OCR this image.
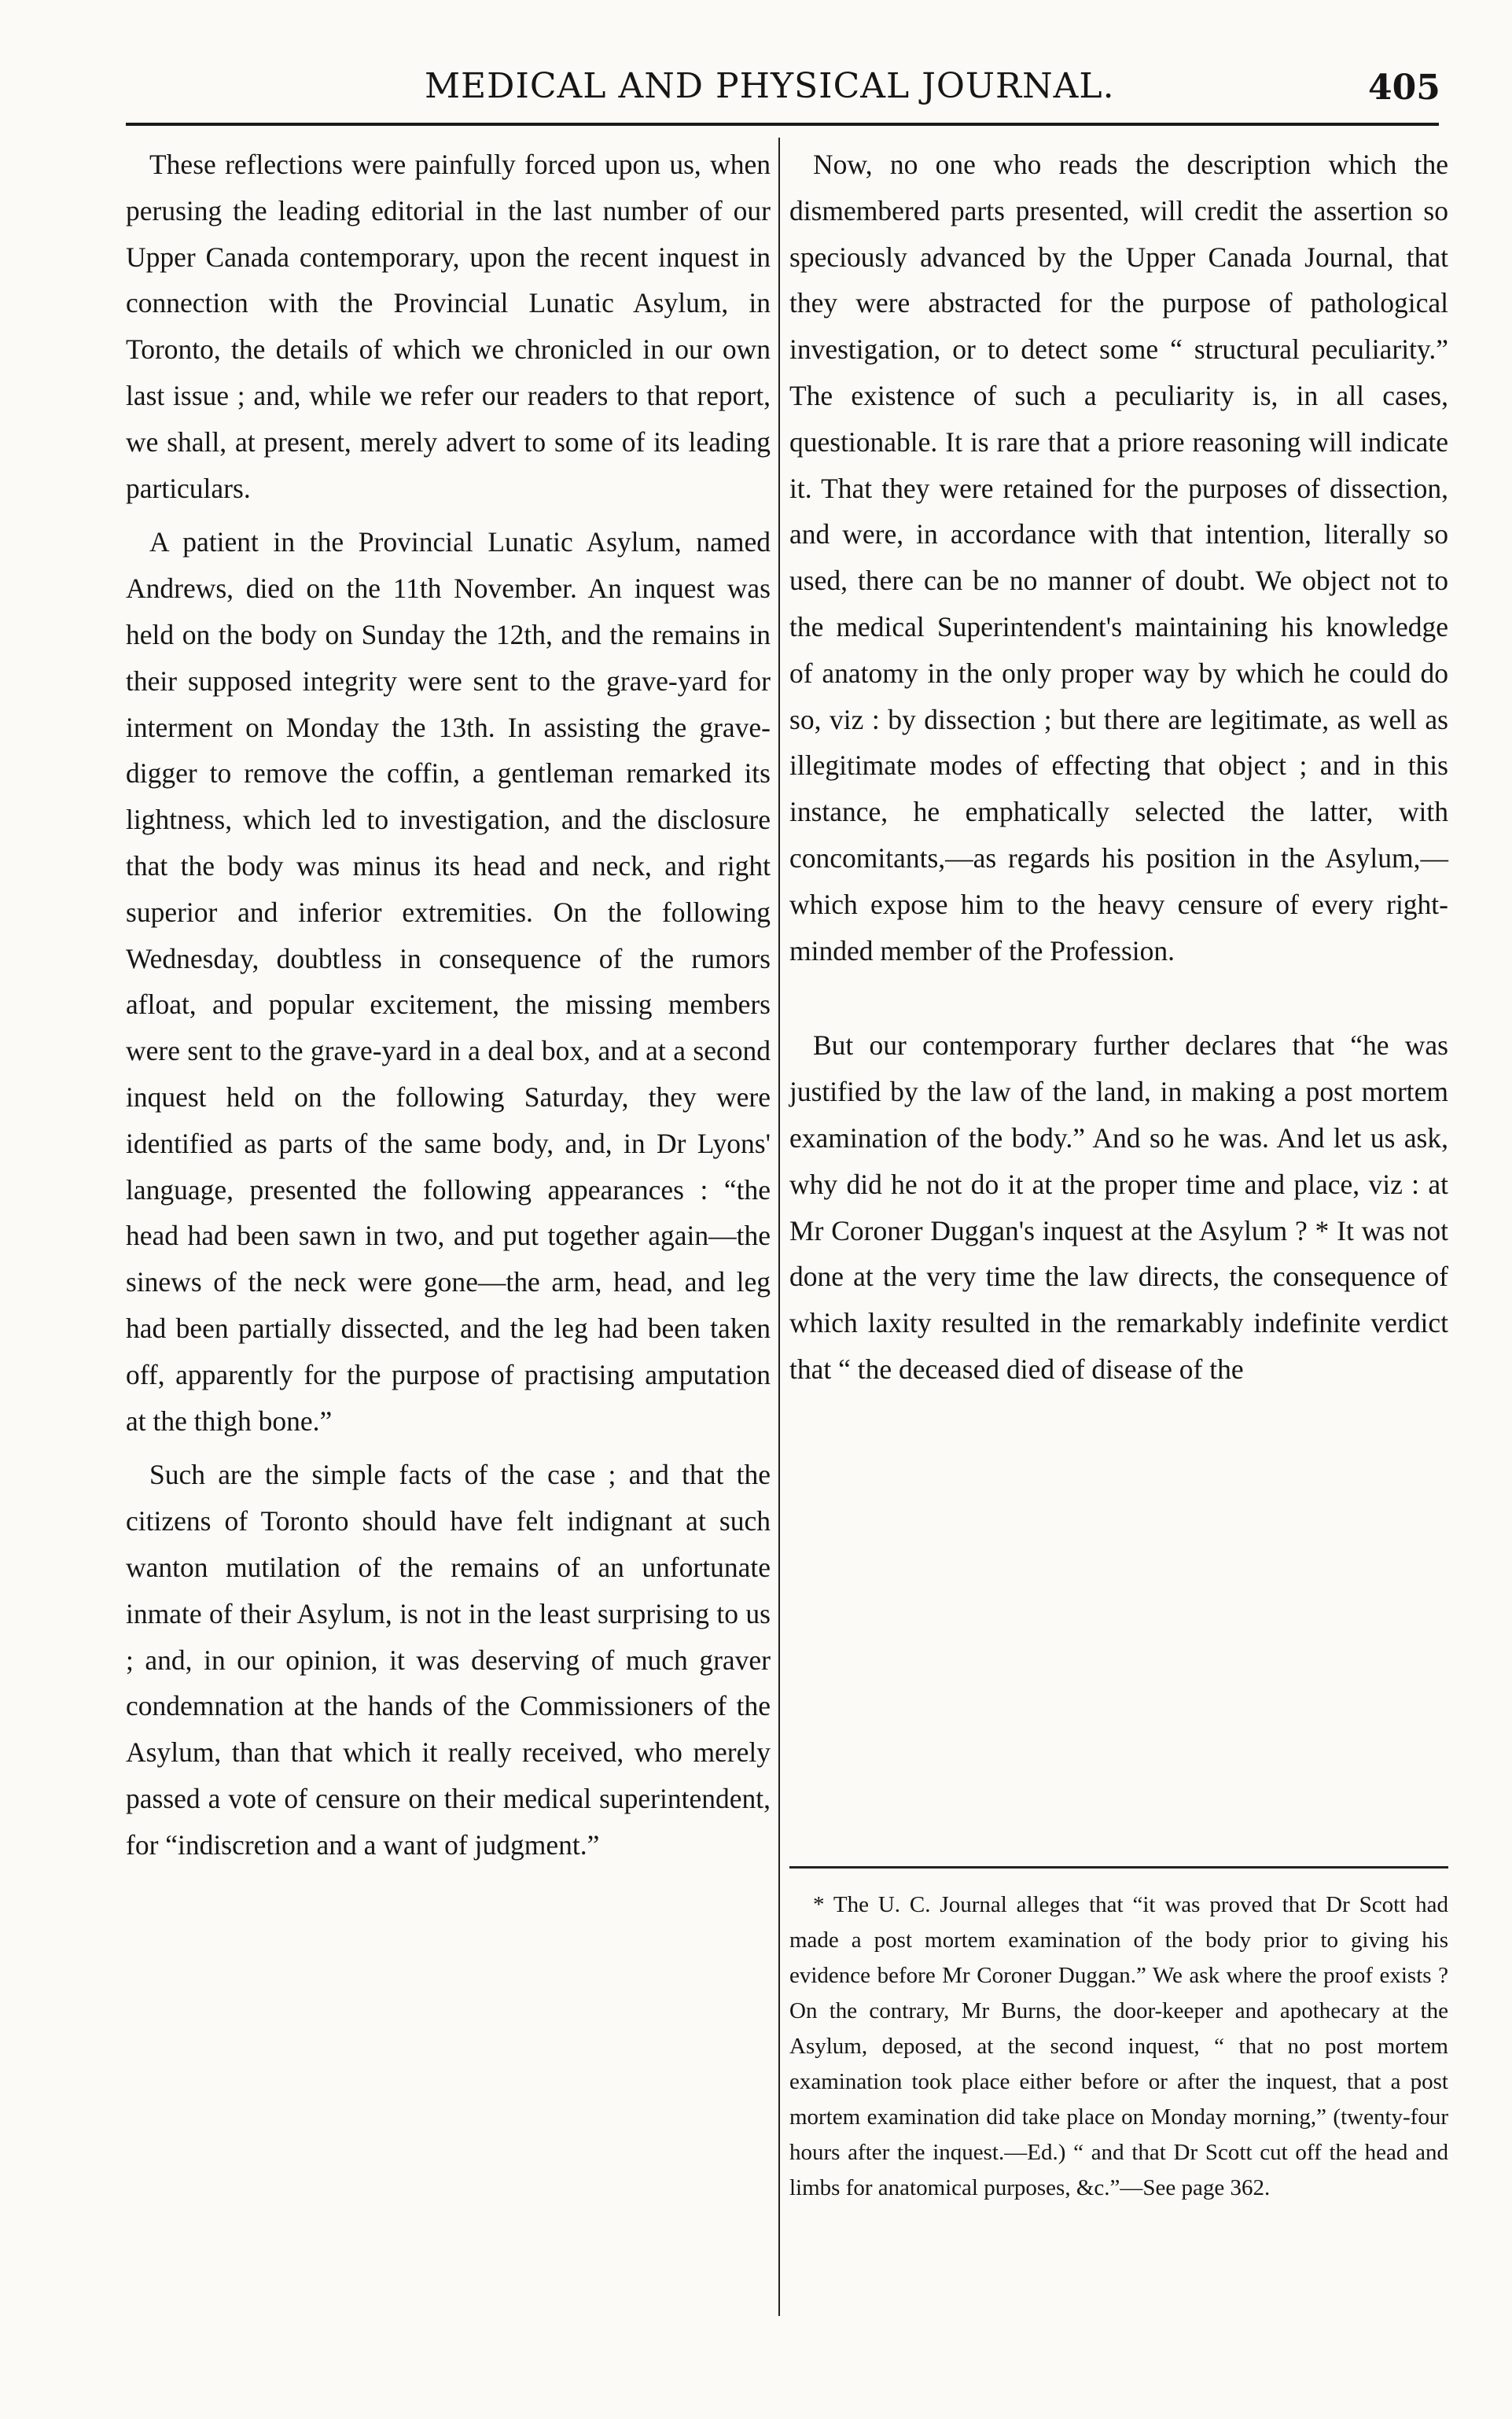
MEDICAL AND PHYSICAL JOURNAL.	405

These reflections were painfully forced upon us, when perusing the leading editorial in the last number of our Upper Canada contemporary, upon the recent inquest in connection with the Provincial Lunatic Asylum, in Toronto, the details of which we chronicled in our own last issue ; and, while we refer our readers to that report, we shall, at present, merely advert to some of its leading particulars.

A patient in the Provincial Lunatic Asylum, named Andrews, died on the 11th November. An inquest was held on the body on Sunday the 12th, and the remains in their supposed integrity were sent to the grave-yard for interment on Monday the 13th. In assisting the grave-digger to remove the coffin, a gentleman remarked its lightness, which led to investigation, and the disclosure that the body was minus its head and neck, and right superior and inferior extremities. On the following Wednesday, doubtless in consequence of the rumors afloat, and popular excitement, the missing members were sent to the grave-yard in a deal box, and at a second inquest held on the following Saturday, they were identified as parts of the same body, and, in Dr Lyons' language, presented the following appearances : “the head had been sawn in two, and put together again—the sinews of the neck were gone—the arm, head, and leg had been partially dissected, and the leg had been taken off, apparently for the purpose of practising amputation at the thigh bone.”

Such are the simple facts of the case ; and that the citizens of Toronto should have felt indignant at such wanton mutilation of the remains of an unfortunate inmate of their Asylum, is not in the least surprising to us ; and, in our opinion, it was deserving of much graver condemnation at the hands of the Commissioners of the Asylum, than that which it really received, who merely passed a vote of censure on their medical superintendent, for “indiscretion and a want of judgment.”

Now, no one who reads the description which the dismembered parts presented, will credit the assertion so speciously advanced by the Upper Canada Journal, that they were abstracted for the purpose of pathological investigation, or to detect some “ structural peculiarity.” The existence of such a peculiarity is, in all cases, questionable. It is rare that a priore reasoning will indicate it. That they were retained for the purposes of dissection, and were, in accordance with that intention, literally so used, there can be no manner of doubt. We object not to the medical Superintendent's maintaining his knowledge of anatomy in the only proper way by which he could do so, viz : by dissection ; but there are legitimate, as well as illegitimate modes of effecting that object ; and in this instance, he emphatically selected the latter, with concomitants,—as regards his position in the Asylum,—which expose him to the heavy censure of every right-minded member of the Profession.

But our contemporary further declares that “he was justified by the law of the land, in making a post mortem examination of the body.” And so he was. And let us ask, why did he not do it at the proper time and place, viz : at Mr Coroner Duggan's inquest at the Asylum ? * It was not done at the very time the law directs, the consequence of which laxity resulted in the remarkably indefinite verdict that “ the deceased died of disease of the

* The U. C. Journal alleges that “it was proved that Dr Scott had made a post mortem examination of the body prior to giving his evidence before Mr Coroner Duggan.” We ask where the proof exists ? On the contrary, Mr Burns, the door-keeper and apothecary at the Asylum, deposed, at the second inquest, “ that no post mortem examination took place either before or after the inquest, that a post mortem examination did take place on Monday morning,” (twenty-four hours after the inquest.—Ed.) “ and that Dr Scott cut off the head and limbs for anatomical purposes, &c.”—See page 362.
